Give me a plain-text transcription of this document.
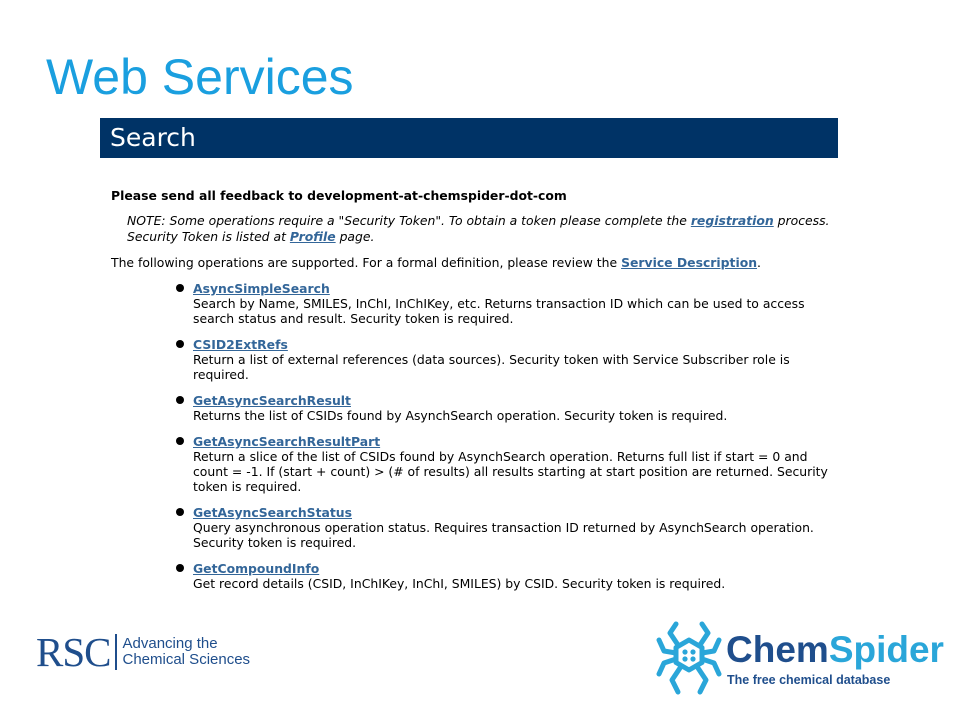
Web Services
Search
Please send all feedback to development-at-chemspider-dot-com
NOTE: Some operations require a "Security Token". To obtain a token please complete the registration process. Security Token is listed at Profile page.
The following operations are supported. For a formal definition, please review the Service Description.
AsyncSimpleSearch
Search by Name, SMILES, InChI, InChIKey, etc. Returns transaction ID which can be used to access search status and result. Security token is required.
CSID2ExtRefs
Return a list of external references (data sources). Security token with Service Subscriber role is required.
GetAsyncSearchResult
Returns the list of CSIDs found by AsynchSearch operation. Security token is required.
GetAsyncSearchResultPart
Return a slice of the list of CSIDs found by AsynchSearch operation. Returns full list if start = 0 and count = -1. If (start + count) > (# of results) all results starting at start position are returned. Security token is required.
GetAsyncSearchStatus
Query asynchronous operation status. Requires transaction ID returned by AsynchSearch operation. Security token is required.
GetCompoundInfo
Get record details (CSID, InChIKey, InChI, SMILES) by CSID. Security token is required.
RSC Advancing the
Chemical Sciences	ChemSpider
The free chemical database
